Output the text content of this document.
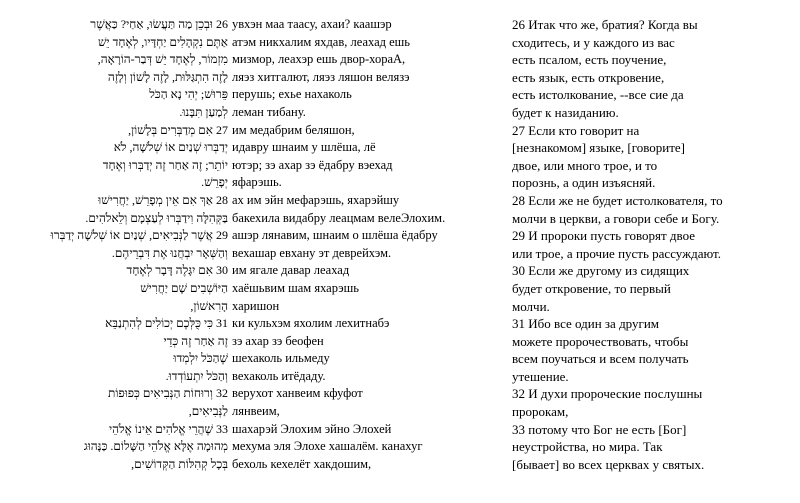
26 וּבְכֵן מַה תַּעֲשׂוּ, אַחַי? כַּאֲשֶׁר
אַתֶּם נִקְהָלִים יַחְדָּיו, לְאֶחָד יֵשׁ
מִזְמוֹר, לְאֶחָד יֵשׁ דְּבַר-הוֹרָאָה,
לָזֶה הִתְגַּלּוּת, לָזֶה לָשׁוֹן וְלָזֶה
פֵּרוּשׁ; יְהִי נָא הַכֹּל
לְמַעַן תִּבָּנוּ.
27 אִם מְדַבְּרִים בְּלָשׁוֹן,
יְדַבְּרוּ שְׁנַיִם אוֹ שְׁלֹשָׁה, לֹא
יוֹתֵר; זֶה אַחַר זֶה יְדַבְּרוּ וְאֶחָד
יְפָרֵשׁ.
28 אַךְ אִם אֵין מְפָרֵשׁ, יַחֲרִישׁוּ
בַּקְּהִלָּה וִידַבְּרוּ לְעַצְמָם וְלֵאלֹהִים.
29 אֲשֶׁר לַנְּבִיאִים, שְׁנַיִם אוֹ שְׁלֹשָׁה יְדַבְּרוּ
וְהַשְּׁאָר יִבְחֲנוּ אֶת דִּבְרֵיהֶם.
30 אִם יִגָּלֶה דָּבָר לְאֶחָד
הַיּוֹשְׁבִים שָׁם יַחֲרִישׁ
הָרִאשׁוֹן,
31 כִּי כֻּלְּכֶם יְכוֹלִים לְהִתְנַבֵּא
זֶה אַחַר זֶה כְּדֵי
שֶׁהַכֹּל יִלְמְדוּ
וְהַכֹּל יִתְעוֹדְדוּ.
32 וְרוּחוֹת הַנְּבִיאִים כְּפוּפוֹת
לַנְּבִיאִים,
33 שֶׁהֲרֵי אֱלֹהִים אֵינוֹ אֱלֹהֵי
מְהוּמָה אֶלָּא אֱלֹהֵי הַשָּׁלוֹם. כַּנָּהוּג
בְּכָל קְהִלּוֹת הַקְּדוֹשִׁים,
увхэн маа таасу, ахаи? каашэр
атэм никхалим яхдав, леахад ешь
мизмор, леахэр ешь двор-хораА,
ляэз хитгалют, ляэз ляшон велязэ
перушь; ехье нахаколь
леман тибану.
им медабрим беляшон,
идавру шнаим у шлёша, лё
ютэр; зэ ахар зэ ёдабру вэехад
яфарэшь.
ах им эйн мефарэшь, яхарэйшу
бакехила видабру леацмам велеЭлохим.
ашэр лянавим, шнаим о шлёша ёдабру
вехашар евхану эт деврейхэм.
им ягале давар леахад
хаёшьвим шам яхарэшь
харишон
ки кульхэм яхолим лехитнабэ
зэ ахар зэ беофен
шехаколь ильмеду
вехаколь итёдаду.
верухот ханвеим кфуфот
лянвеим,
шахарэй Элохим эйно Элохей
мехума эля Элохе хашалём. канахуг
бехоль кехелёт хакдошим,
26 Итак что же, братия? Когда вы
сходитесь, и у каждого из вас
есть псалом, есть поучение,
есть язык, есть откровение,
есть истолкование, --все сие да
будет к назиданию.
27 Если кто говорит на
[незнакомом] языке, [говорите]
двое, или много трое, и то
порознь, а один изъясняй.
28 Если же не будет истолкователя, то
молчи в церкви, а говори себе и Богу.
29 И пророки пусть говорят двое
или трое, а прочие пусть рассуждают.
30 Если же другому из сидящих
будет откровение, то первый
молчи.
31 Ибо все один за другим
можете пророчествовать, чтобы
всем поучаться и всем получать
утешение.
32 И духи пророческие послушны
пророкам,
33 потому что Бог не есть [Бог]
неустройства, но мира. Так
[бывает] во всех церквах у святых.
